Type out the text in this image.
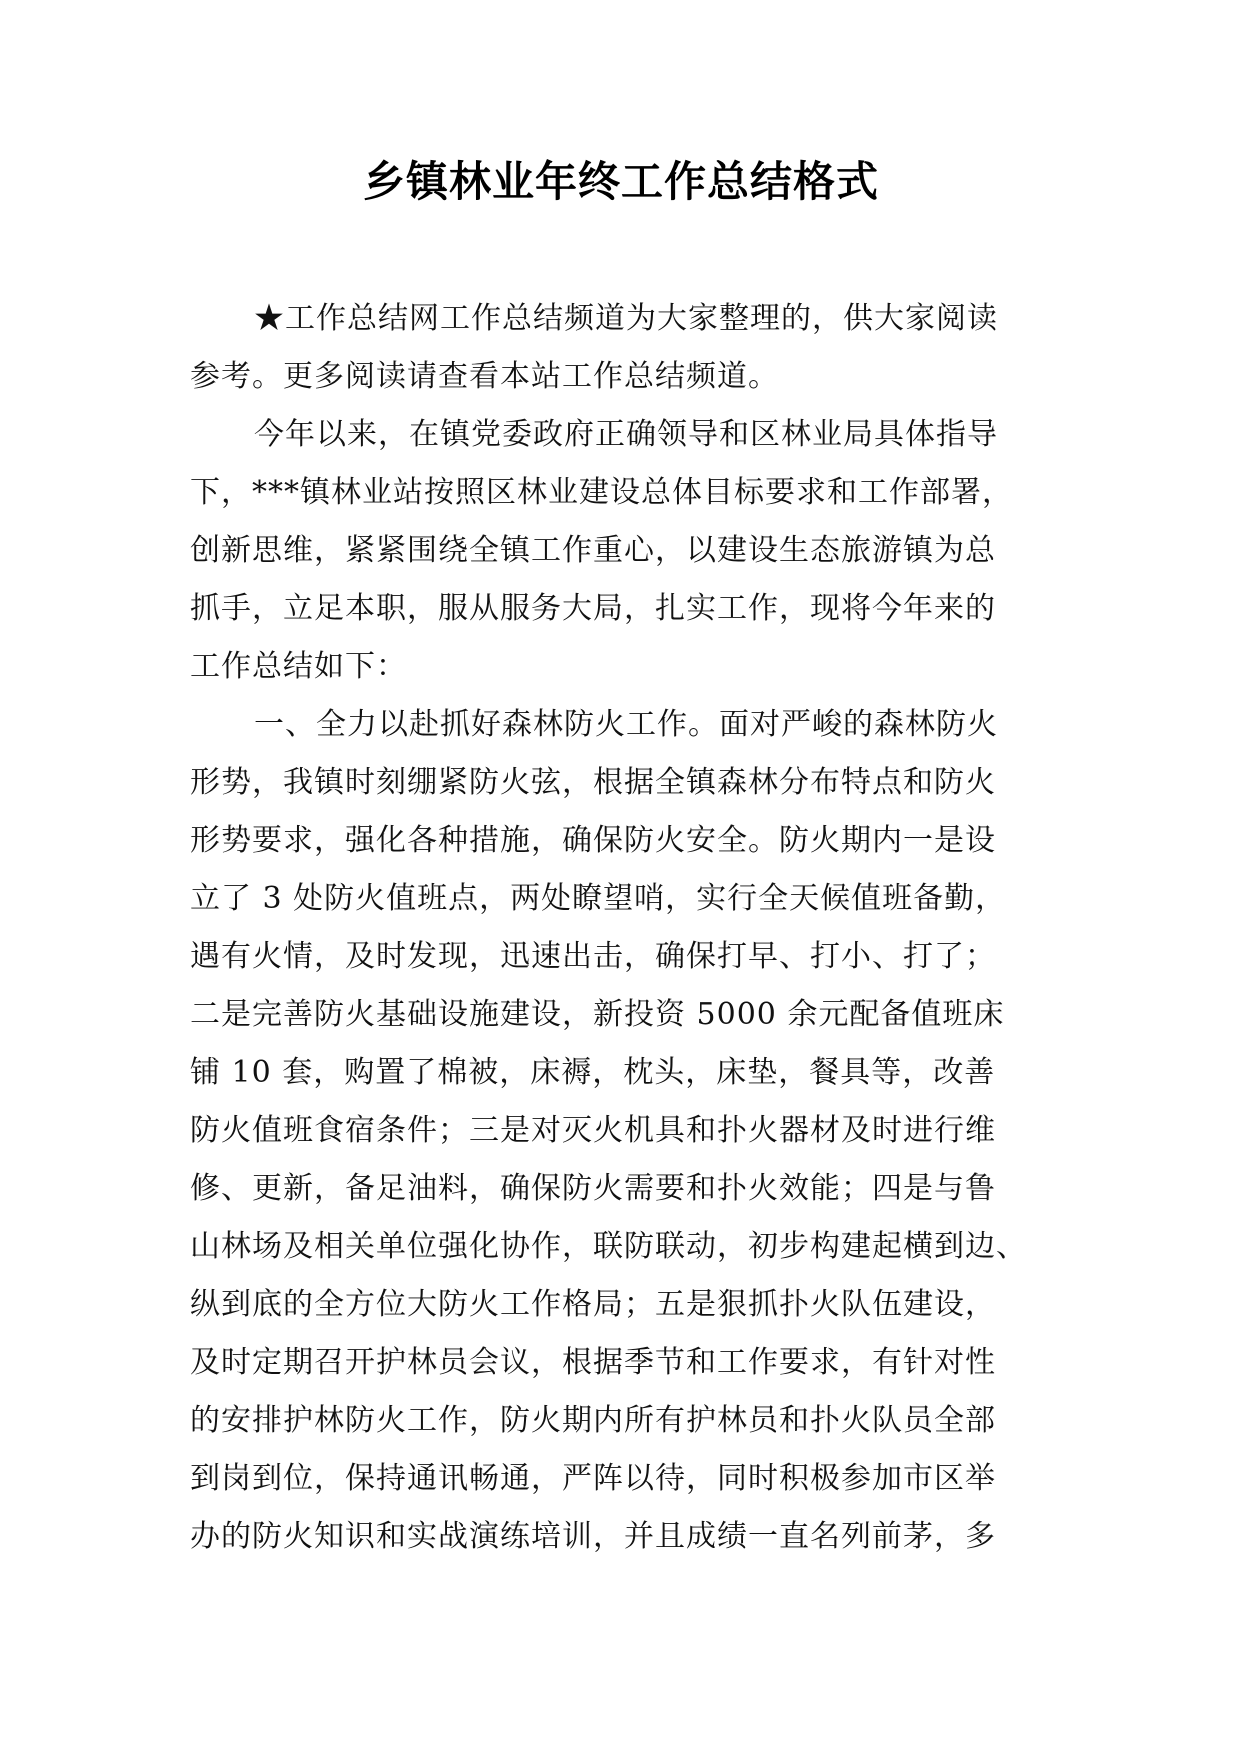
乡镇林业年终工作总结格式
★工作总结网工作总结频道为大家整理的，供大家阅读
参考。更多阅读请查看本站工作总结频道。
今年以来，在镇党委政府正确领导和区林业局具体指导
下，***镇林业站按照区林业建设总体目标要求和工作部署，
创新思维，紧紧围绕全镇工作重心，以建设生态旅游镇为总
抓手，立足本职，服从服务大局，扎实工作，现将今年来的
工作总结如下：
一、全力以赴抓好森林防火工作。面对严峻的森林防火
形势，我镇时刻绷紧防火弦，根据全镇森林分布特点和防火
形势要求，强化各种措施，确保防火安全。防火期内一是设
立了 3 处防火值班点，两处瞭望哨，实行全天候值班备勤，
遇有火情，及时发现，迅速出击，确保打早、打小、打了；
二是完善防火基础设施建设，新投资 5000 余元配备值班床
铺 10 套，购置了棉被，床褥，枕头，床垫，餐具等，改善
防火值班食宿条件；三是对灭火机具和扑火器材及时进行维
修、更新，备足油料，确保防火需要和扑火效能；四是与鲁
山林场及相关单位强化协作，联防联动，初步构建起横到边、
纵到底的全方位大防火工作格局；五是狠抓扑火队伍建设，
及时定期召开护林员会议，根据季节和工作要求，有针对性
的安排护林防火工作，防火期内所有护林员和扑火队员全部
到岗到位，保持通讯畅通，严阵以待，同时积极参加市区举
办的防火知识和实战演练培训，并且成绩一直名列前茅，多
